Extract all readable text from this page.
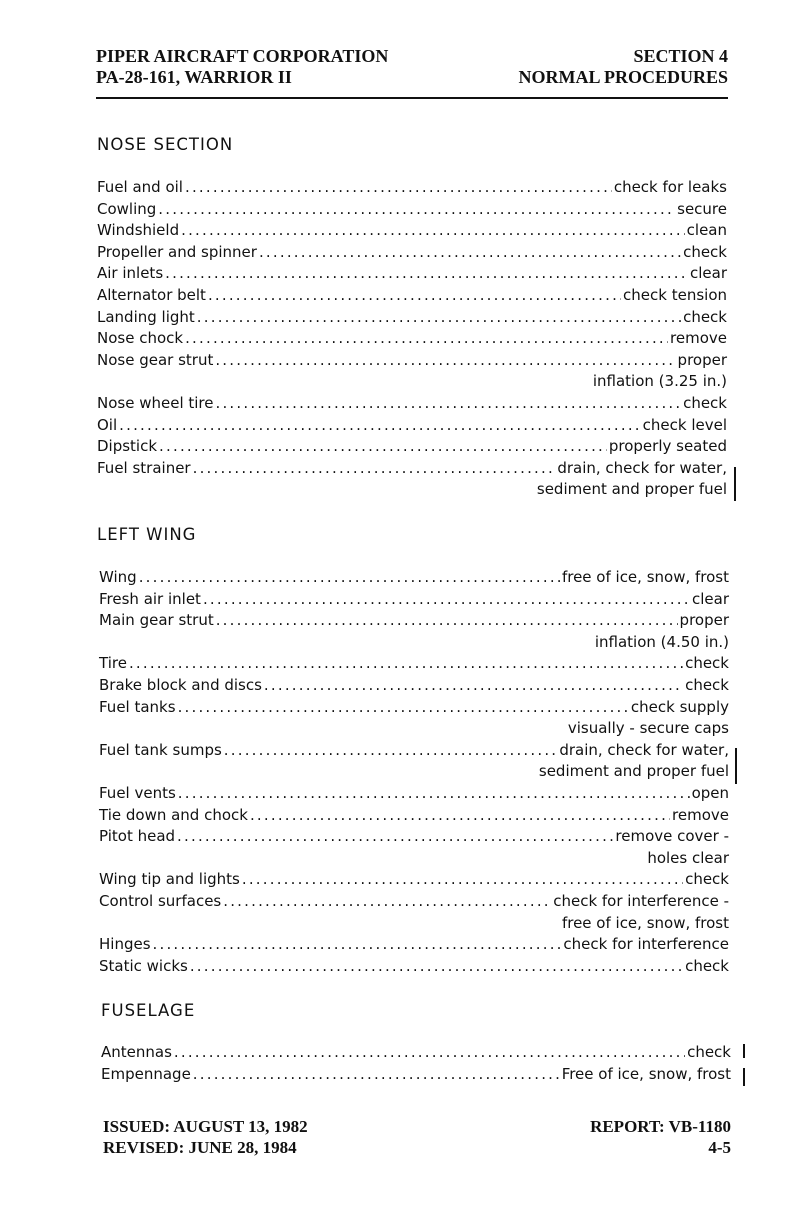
PIPER AIRCRAFT CORPORATION	SECTION 4
PA-28-161, WARRIOR II	NORMAL PROCEDURES
NOSE SECTION
Fuel and oil .....	check for leaks
Cowling .....	secure
Windshield .....	clean
Propeller and spinner .....	check
Air inlets .....	clear
Alternator belt .....	check tension
Landing light .....	check
Nose chock .....	remove
Nose gear strut .....	proper
inflation (3.25 in.)
Nose wheel tire .....	check
Oil .....	check level
Dipstick .....	properly seated
Fuel strainer .....	drain, check for water,
sediment and proper fuel
LEFT WING
Wing .....	free of ice, snow, frost
Fresh air inlet .....	clear
Main gear strut .....	proper
inflation (4.50 in.)
Tire .....	check
Brake block and discs .....	check
Fuel tanks .....	check supply
visually - secure caps
Fuel tank sumps .....	drain, check for water,
sediment and proper fuel
Fuel vents .....	open
Tie down and chock .....	remove
Pitot head .....	remove cover -
holes clear
Wing tip and lights .....	check
Control surfaces .....	check for interference -
free of ice, snow, frost
Hinges .....	check for interference
Static wicks .....	check
FUSELAGE
Antennas .....	check
Empennage .....	Free of ice, snow, frost
ISSUED: AUGUST 13, 1982	REPORT: VB-1180
REVISED: JUNE 28, 1984	4-5
